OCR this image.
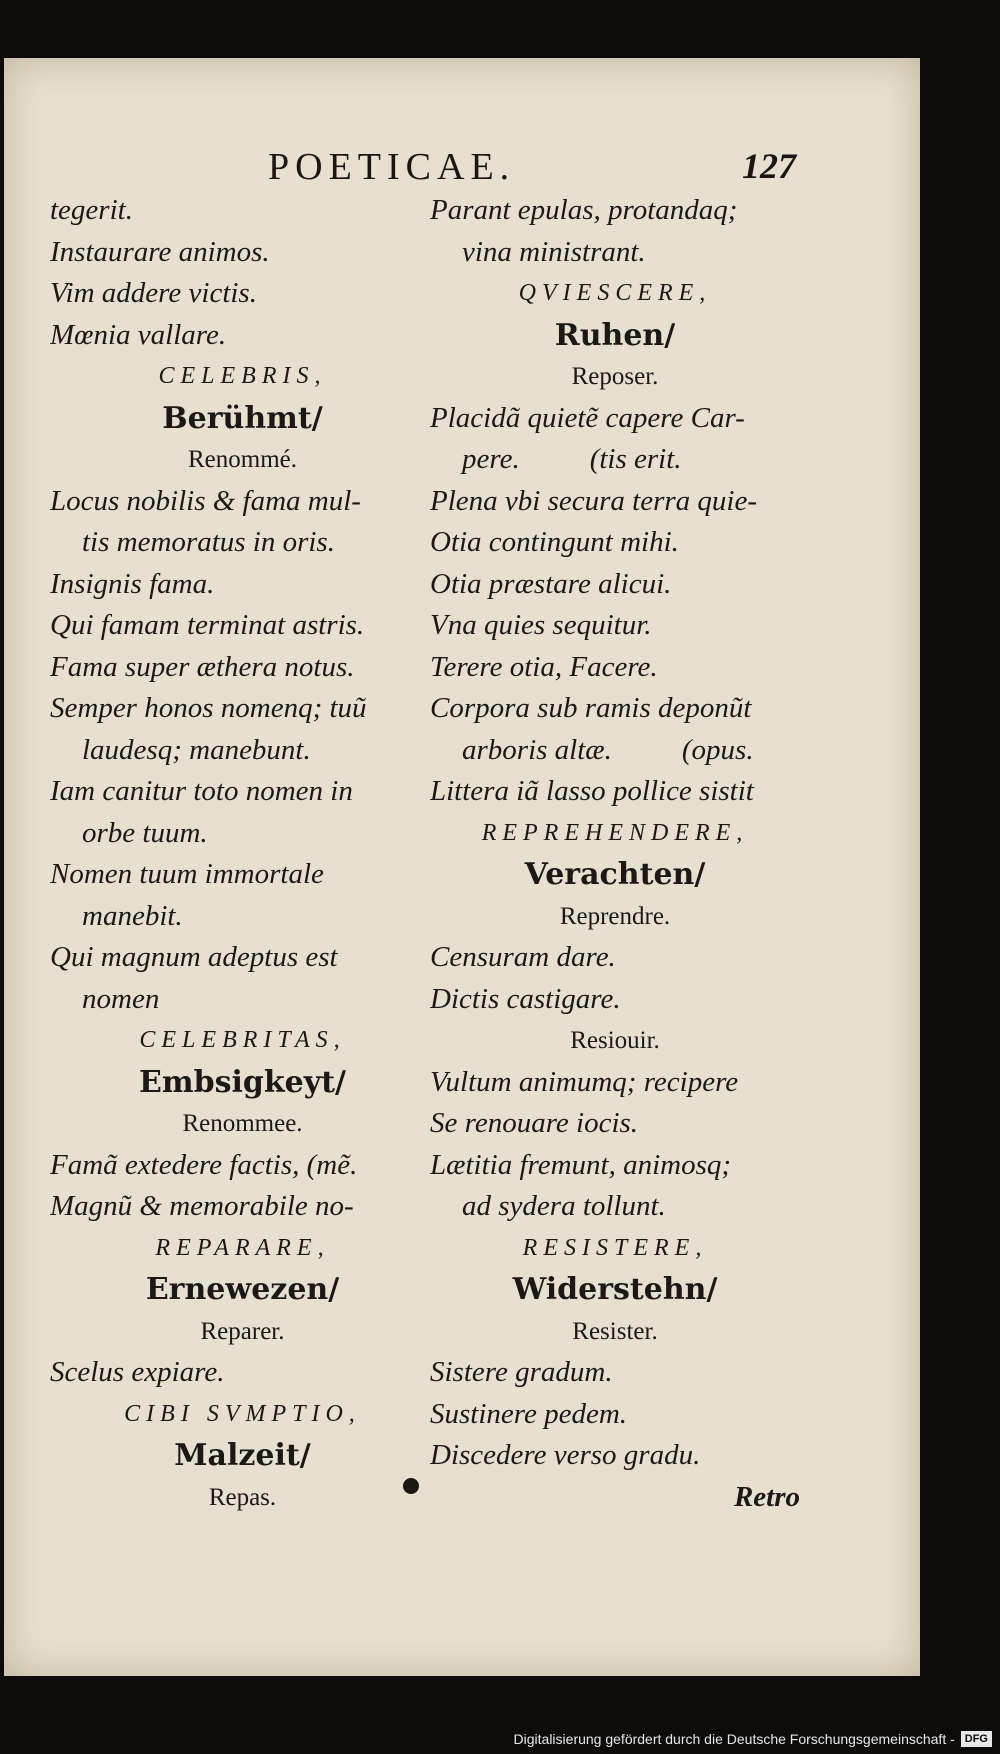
POETICAE.	127
tegerit.
Instaurare animos.
Vim addere victis.
Mœnia vallare.
CELEBRIS,
Berühmt/
Renommé.
Locus nobilis & fama mul-
tis memoratus in oris.
Insignis fama.
Qui famam terminat astris.
Fama super æthera notus.
Semper honos nomenq; tuũ
laudesq; manebunt.
Iam canitur toto nomen in
orbe tuum.
Nomen tuum immortale
manebit.
Qui magnum adeptus est
nomen
CELEBRITAS,
Embsigkeyt/
Renommee.
Famã extedere factis, (mẽ.
Magnũ & memorabile no-
REPARARE,
Ernewezen/
Reparer.
Scelus expiare.
CIBI SVMPTIO,
Malzeit/
Repas.
Parant epulas, protandaq;
vina ministrant.
QVIESCERE,
Ruhen/
Reposer.
Placidã quietẽ capere Car-
pere. (tis erit.
Plena vbi secura terra quie-
Otia contingunt mihi.
Otia præstare alicui.
Vna quies sequitur.
Terere otia, Facere.
Corpora sub ramis deponũt
arboris altæ. (opus.
Littera iã lasso pollice sistit
REPREHENDERE,
Verachten/
Reprendre.
Censuram dare.
Dictis castigare.
Resiouir.
Vultum animumq; recipere
Se renouare iocis.
Lætitia fremunt, animosq;
ad sydera tollunt.
RESISTERE,
Widerstehn/
Resister.
Sistere gradum.
Sustinere pedem.
Discedere verso gradu.
Retro
Digitalisierung gefördert durch die Deutsche Forschungsgemeinschaft - DFG
